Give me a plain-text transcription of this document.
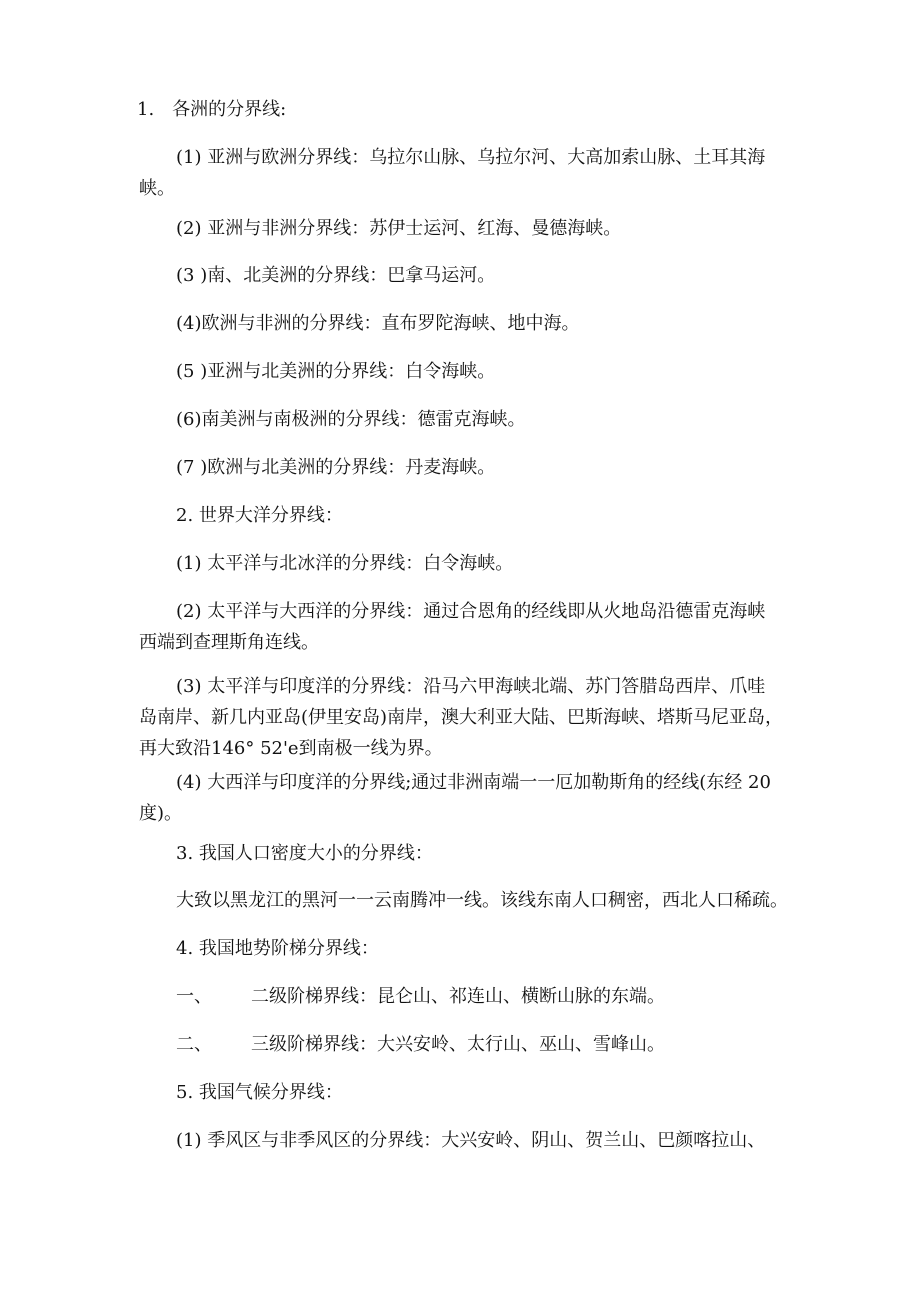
1.　各洲的分界线:
(1) 亚洲与欧洲分界线：乌拉尔山脉、乌拉尔河、大高加索山脉、土耳其海
峡。
(2) 亚洲与非洲分界线：苏伊士运河、红海、曼德海峡。
(3 )南、北美洲的分界线：巴拿马运河。
(4)欧洲与非洲的分界线：直布罗陀海峡、地中海。
(5 )亚洲与北美洲的分界线：白令海峡。
(6)南美洲与南极洲的分界线：德雷克海峡。
(7 )欧洲与北美洲的分界线：丹麦海峡。
2. 世界大洋分界线：
(1) 太平洋与北冰洋的分界线：白令海峡。
(2) 太平洋与大西洋的分界线：通过合恩角的经线即从火地岛沿德雷克海峡
西端到查理斯角连线。
(3) 太平洋与印度洋的分界线：沿马六甲海峡北端、苏门答腊岛西岸、爪哇
岛南岸、新几内亚岛(伊里安岛)南岸，澳大利亚大陆、巴斯海峡、塔斯马尼亚岛，
再大致沿146° 52'e到南极一线为界。
(4) 大西洋与印度洋的分界线;通过非洲南端一一厄加勒斯角的经线(东经 20
度)。
3. 我国人口密度大小的分界线：
大致以黑龙江的黑河一一云南腾冲一线。该线东南人口稠密，西北人口稀疏。
4. 我国地势阶梯分界线：
一、 二级阶梯界线：昆仑山、祁连山、横断山脉的东端。
二、 三级阶梯界线：大兴安岭、太行山、巫山、雪峰山。
5. 我国气候分界线：
(1) 季风区与非季风区的分界线：大兴安岭、阴山、贺兰山、巴颜喀拉山、
